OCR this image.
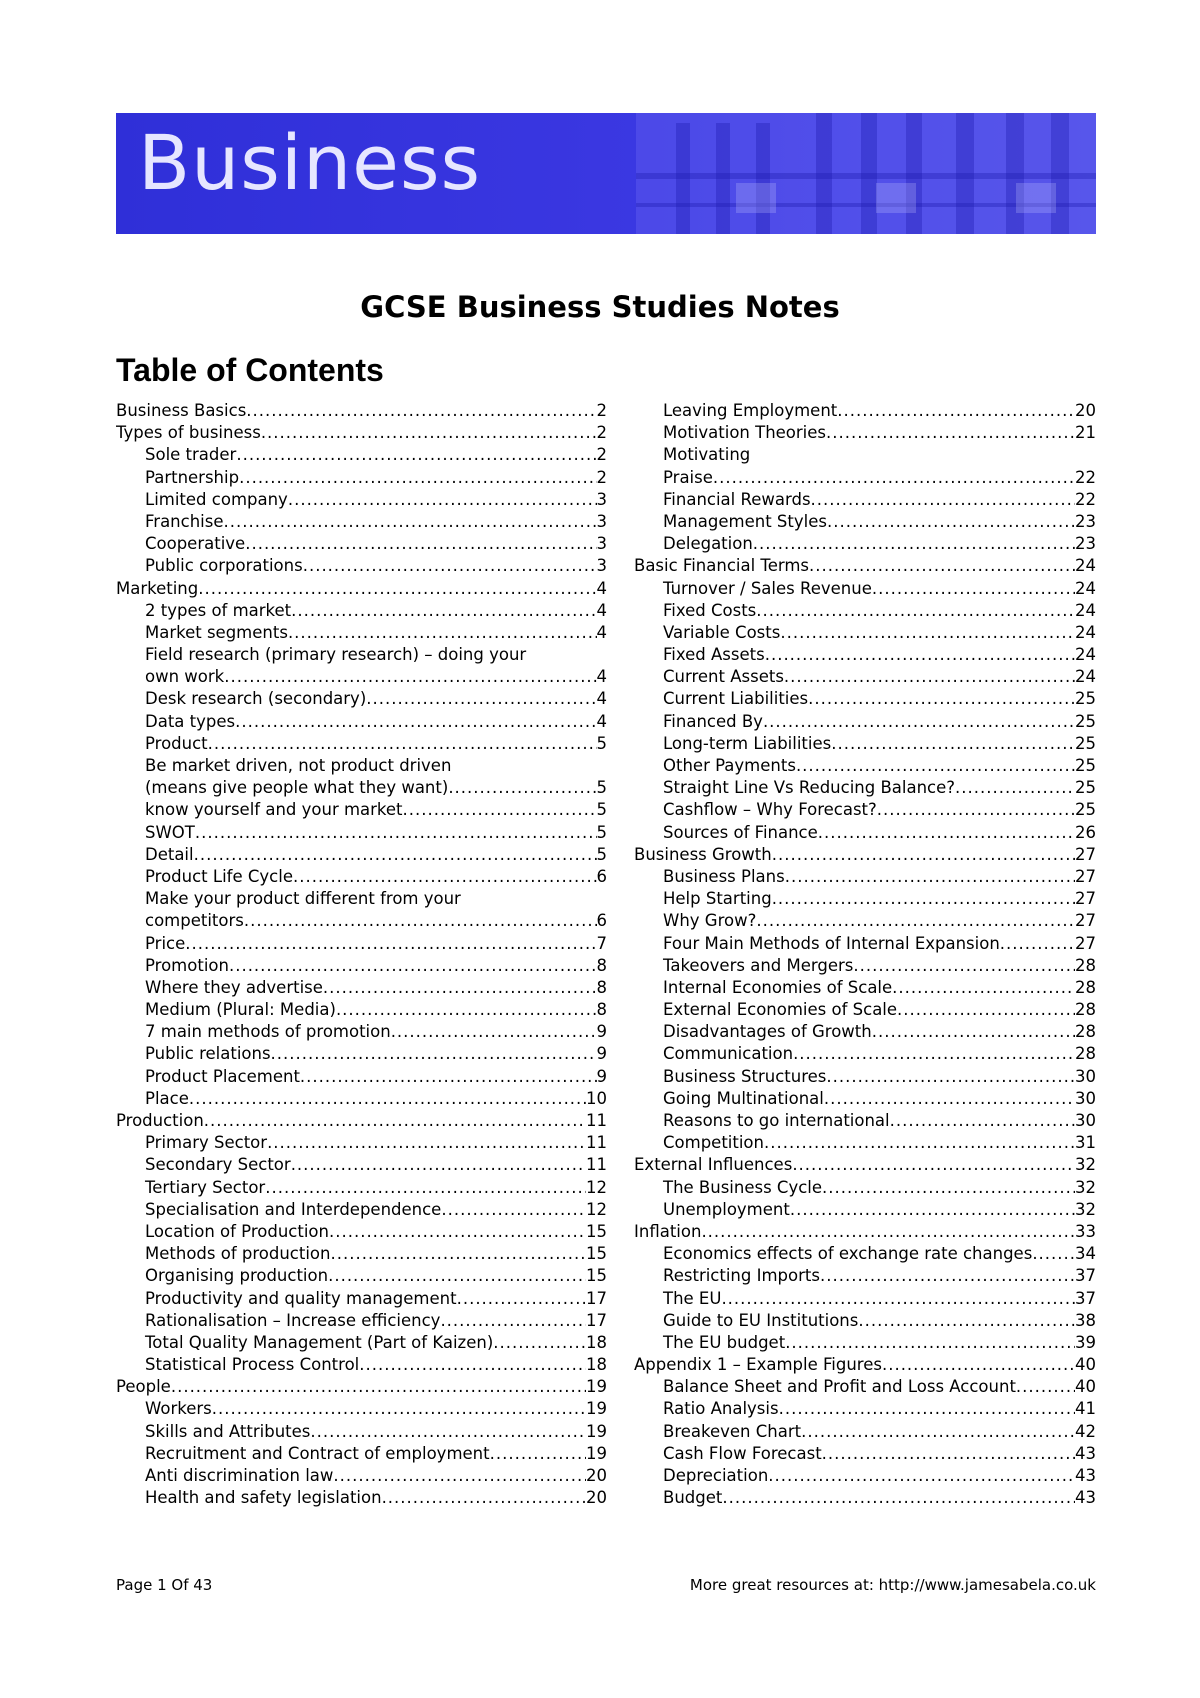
Business
GCSE Business Studies Notes
Table of Contents
Business Basics .....	2
Types of business .....	2
Sole trader .....	2
Partnership .....	2
Limited company .....	3
Franchise .....	3
Cooperative .....	3
Public corporations .....	3
Marketing .....	4
2 types of market .....	4
Market segments .....	4
Field research (primary research) – doing your
own work .....	4
Desk research (secondary) .....	4
Data types .....	4
Product .....	5
Be market driven, not product driven
(means give people what they want) .....	5
know yourself and your market .....	5
SWOT .....	5
Detail .....	5
Product Life Cycle .....	6
Make your product different from your
competitors .....	6
Price .....	7
Promotion .....	8
Where they advertise .....	8
Medium (Plural: Media) .....	8
7 main methods of promotion .....	9
Public relations .....	9
Product Placement .....	9
Place .....	10
Production .....	11
Primary Sector .....	11
Secondary Sector .....	11
Tertiary Sector .....	12
Specialisation and Interdependence .....	12
Location of Production .....	15
Methods of production .....	15
Organising production .....	15
Productivity and quality management .....	17
Rationalisation – Increase efficiency .....	17
Total Quality Management (Part of Kaizen) .....	18
Statistical Process Control .....	18
People .....	19
Workers .....	19
Skills and Attributes .....	19
Recruitment and Contract of employment .....	19
Anti discrimination law .....	20
Health and safety legislation .....	20
Leaving Employment .....	20
Motivation Theories .....	21
Motivating
Praise .....	22
Financial Rewards .....	22
Management Styles .....	23
Delegation .....	23
Basic Financial Terms .....	24
Turnover / Sales Revenue .....	24
Fixed Costs .....	24
Variable Costs .....	24
Fixed Assets .....	24
Current Assets .....	24
Current Liabilities .....	25
Financed By .....	25
Long-term Liabilities .....	25
Other Payments .....	25
Straight Line Vs Reducing Balance? .....	25
Cashflow – Why Forecast? .....	25
Sources of Finance .....	26
Business Growth .....	27
Business Plans .....	27
Help Starting .....	27
Why Grow? .....	27
Four Main Methods of Internal Expansion .....	27
Takeovers and Mergers .....	28
Internal Economies of Scale .....	28
External Economies of Scale .....	28
Disadvantages of Growth .....	28
Communication .....	28
Business Structures .....	30
Going Multinational .....	30
Reasons to go international .....	30
Competition .....	31
External Influences .....	32
The Business Cycle .....	32
Unemployment .....	32
Inflation .....	33
Economics effects of exchange rate changes .....	34
Restricting Imports .....	37
The EU .....	37
Guide to EU Institutions .....	38
The EU budget .....	39
Appendix 1 – Example Figures .....	40
Balance Sheet and Profit and Loss Account .....	40
Ratio Analysis .....	41
Breakeven Chart .....	42
Cash Flow Forecast .....	43
Depreciation .....	43
Budget .....	43
Page 1 Of 43	More great resources at: http://www.jamesabela.co.uk
